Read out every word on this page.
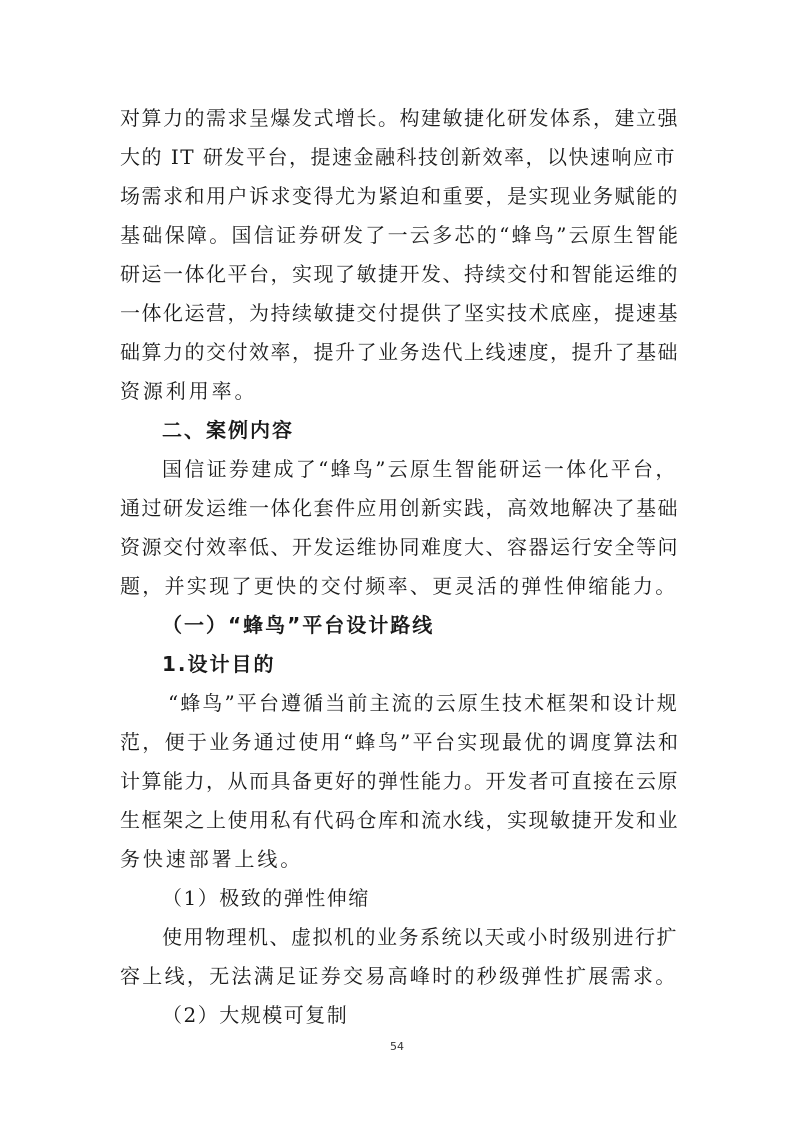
对算力的需求呈爆发式增长。构建敏捷化研发体系，建立强
大的 IT 研发平台，提速金融科技创新效率，以快速响应市
场需求和用户诉求变得尤为紧迫和重要，是实现业务赋能的
基础保障。国信证券研发了一云多芯的“蜂鸟”云原生智能
研运一体化平台，实现了敏捷开发、持续交付和智能运维的
一体化运营，为持续敏捷交付提供了坚实技术底座，提速基
础算力的交付效率，提升了业务迭代上线速度，提升了基础
资源利用率。
二、案例内容
国信证券建成了“蜂鸟”云原生智能研运一体化平台，
通过研发运维一体化套件应用创新实践，高效地解决了基础
资源交付效率低、开发运维协同难度大、容器运行安全等问
题，并实现了更快的交付频率、更灵活的弹性伸缩能力。
（一）“蜂鸟”平台设计路线
1.设计目的
“蜂鸟”平台遵循当前主流的云原生技术框架和设计规
范，便于业务通过使用“蜂鸟”平台实现最优的调度算法和
计算能力，从而具备更好的弹性能力。开发者可直接在云原
生框架之上使用私有代码仓库和流水线，实现敏捷开发和业
务快速部署上线。
（1）极致的弹性伸缩
使用物理机、虚拟机的业务系统以天或小时级别进行扩
容上线，无法满足证券交易高峰时的秒级弹性扩展需求。
（2）大规模可复制
54
